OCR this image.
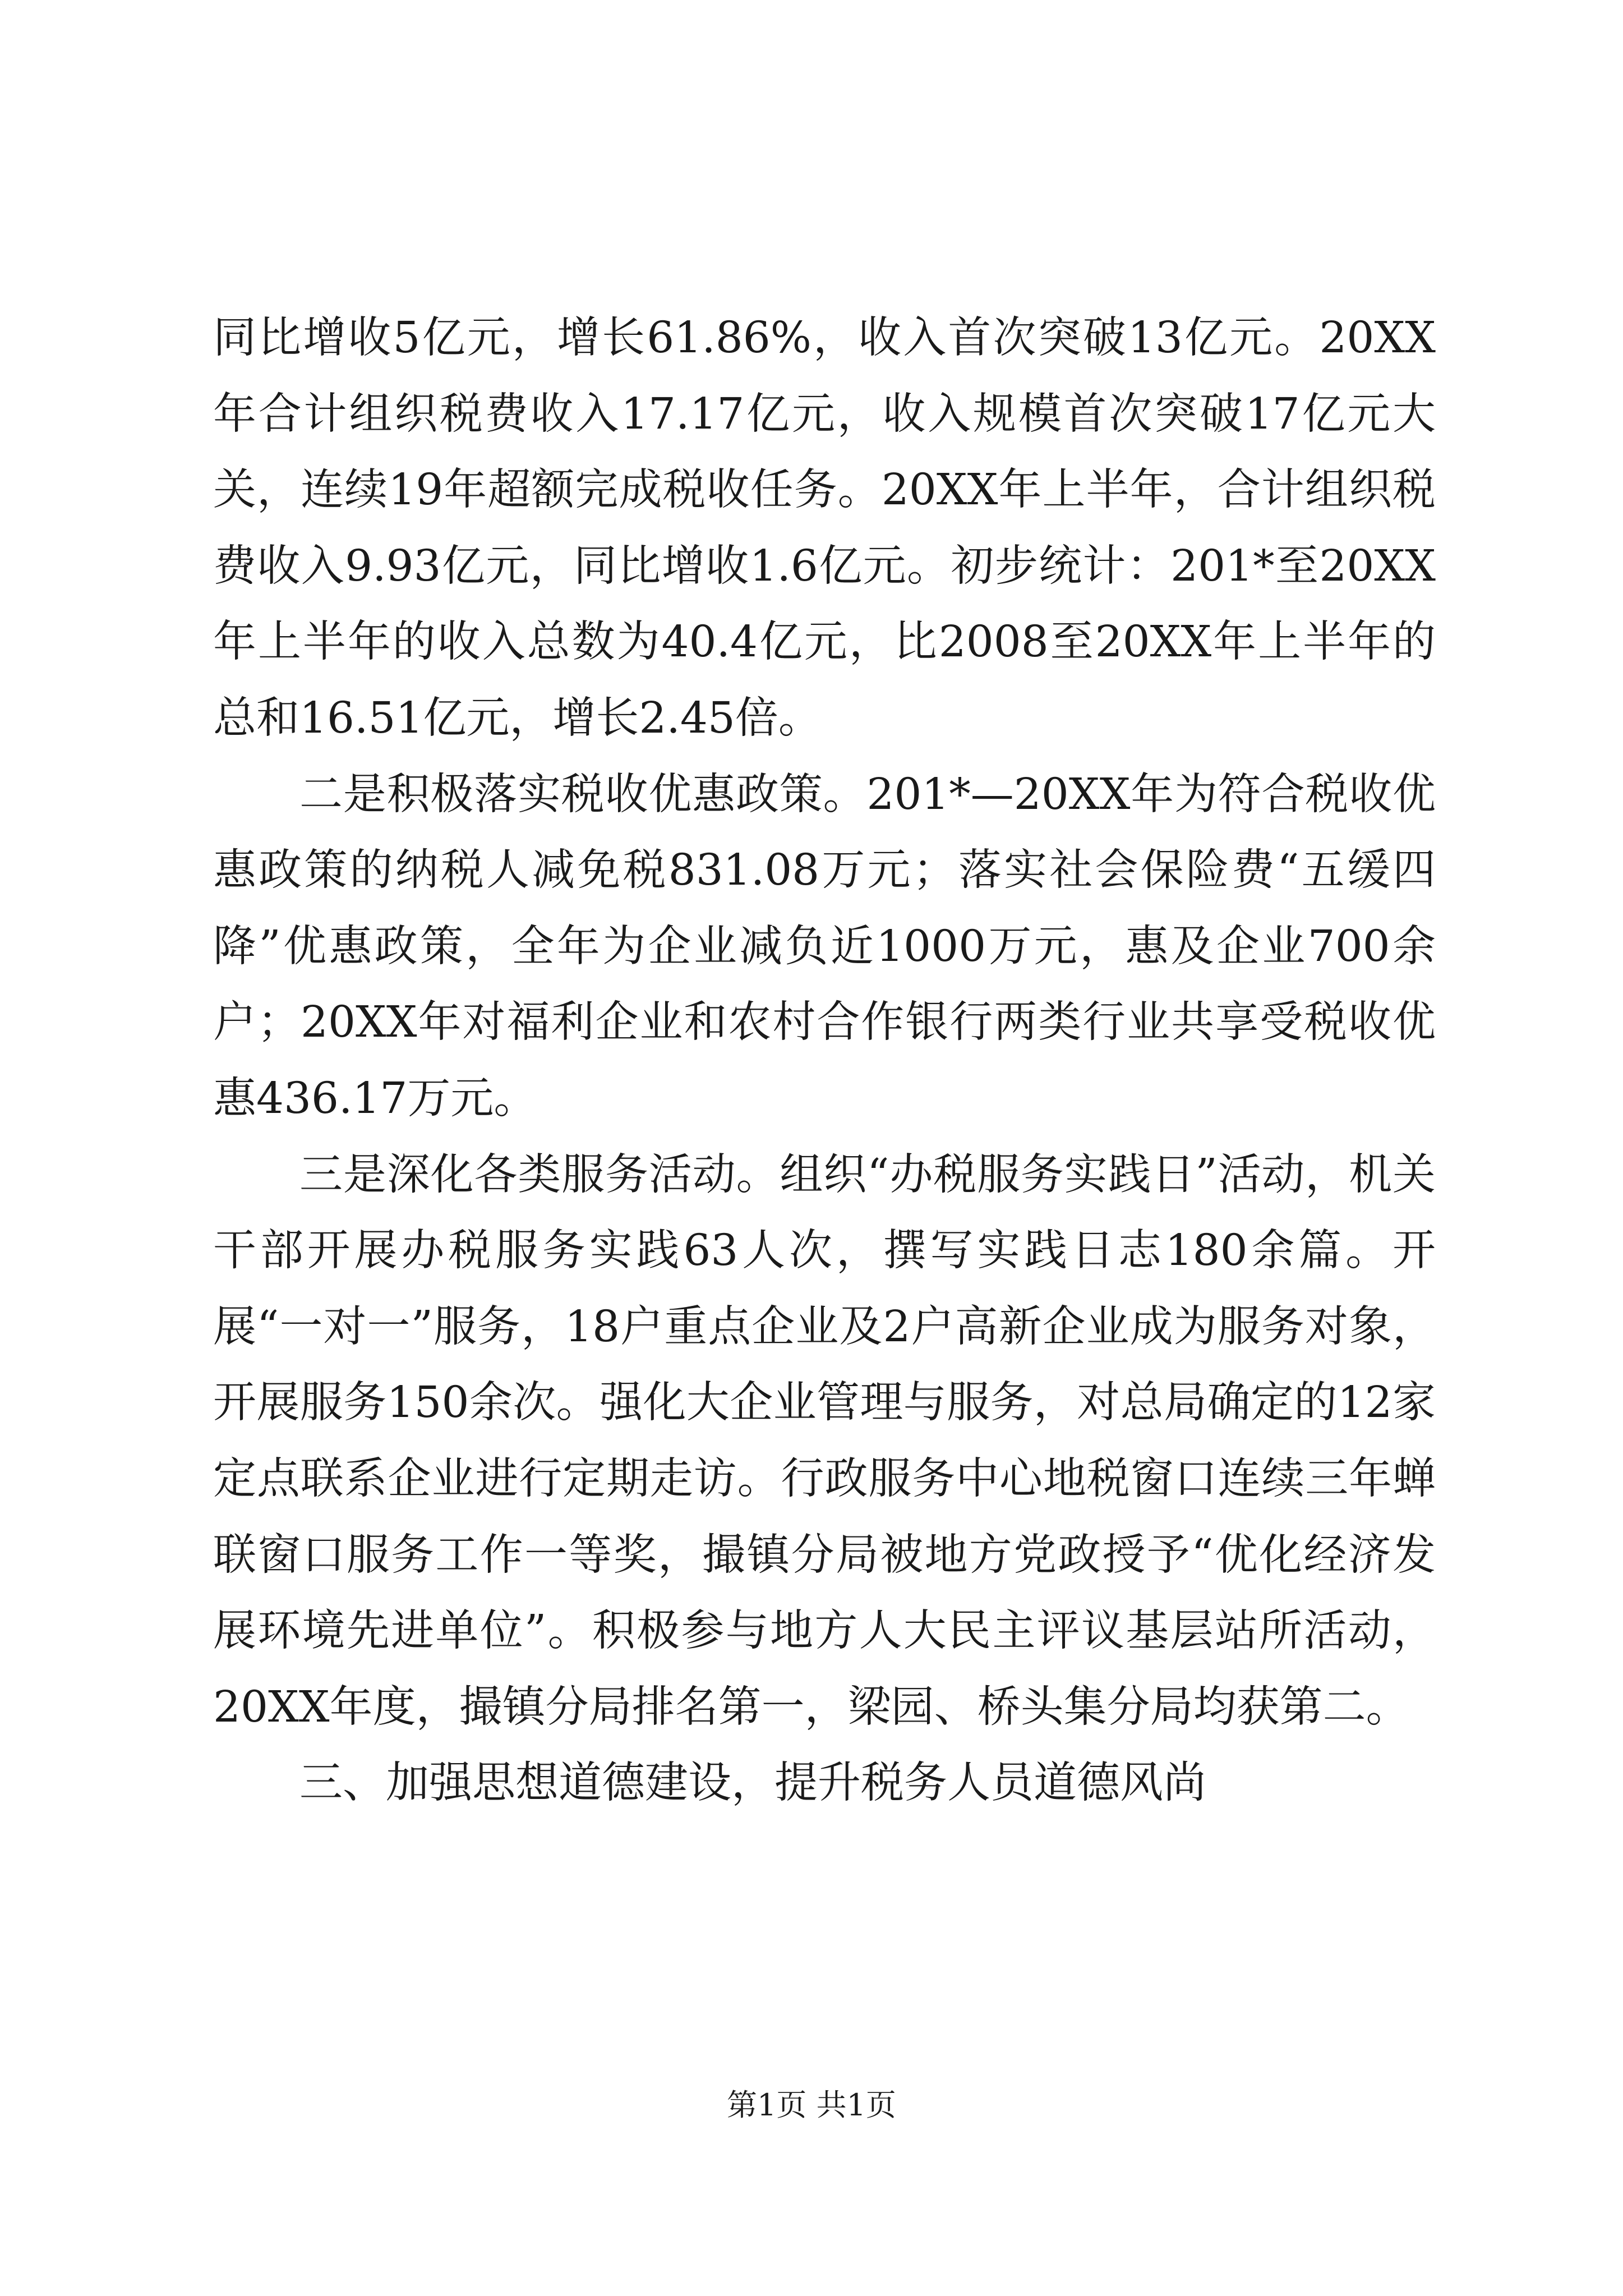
同比增收5亿元，增长61.86%，收入首次突破13亿元。20XX年合计组织税费收入17.17亿元，收入规模首次突破17亿元大关，连续19年超额完成税收任务。20XX年上半年，合计组织税费收入9.93亿元，同比增收1.6亿元。初步统计：201*至20XX年上半年的收入总数为40.4亿元，比2008至20XX年上半年的总和16.51亿元，增长2.45倍。

二是积极落实税收优惠政策。201*—20XX年为符合税收优惠政策的纳税人减免税831.08万元；落实社会保险费“五缓四降”优惠政策，全年为企业减负近1000万元，惠及企业700余户；20XX年对福利企业和农村合作银行两类行业共享受税收优惠436.17万元。

三是深化各类服务活动。组织“办税服务实践日”活动，机关干部开展办税服务实践63人次，撰写实践日志180余篇。开展“一对一”服务，18户重点企业及2户高新企业成为服务对象，开展服务150余次。强化大企业管理与服务，对总局确定的12家定点联系企业进行定期走访。行政服务中心地税窗口连续三年蝉联窗口服务工作一等奖，撮镇分局被地方党政授予“优化经济发展环境先进单位”。积极参与地方人大民主评议基层站所活动，20XX年度，撮镇分局排名第一，梁园、桥头集分局均获第二。

三、加强思想道德建设，提升税务人员道德风尚

第1页 共1页
